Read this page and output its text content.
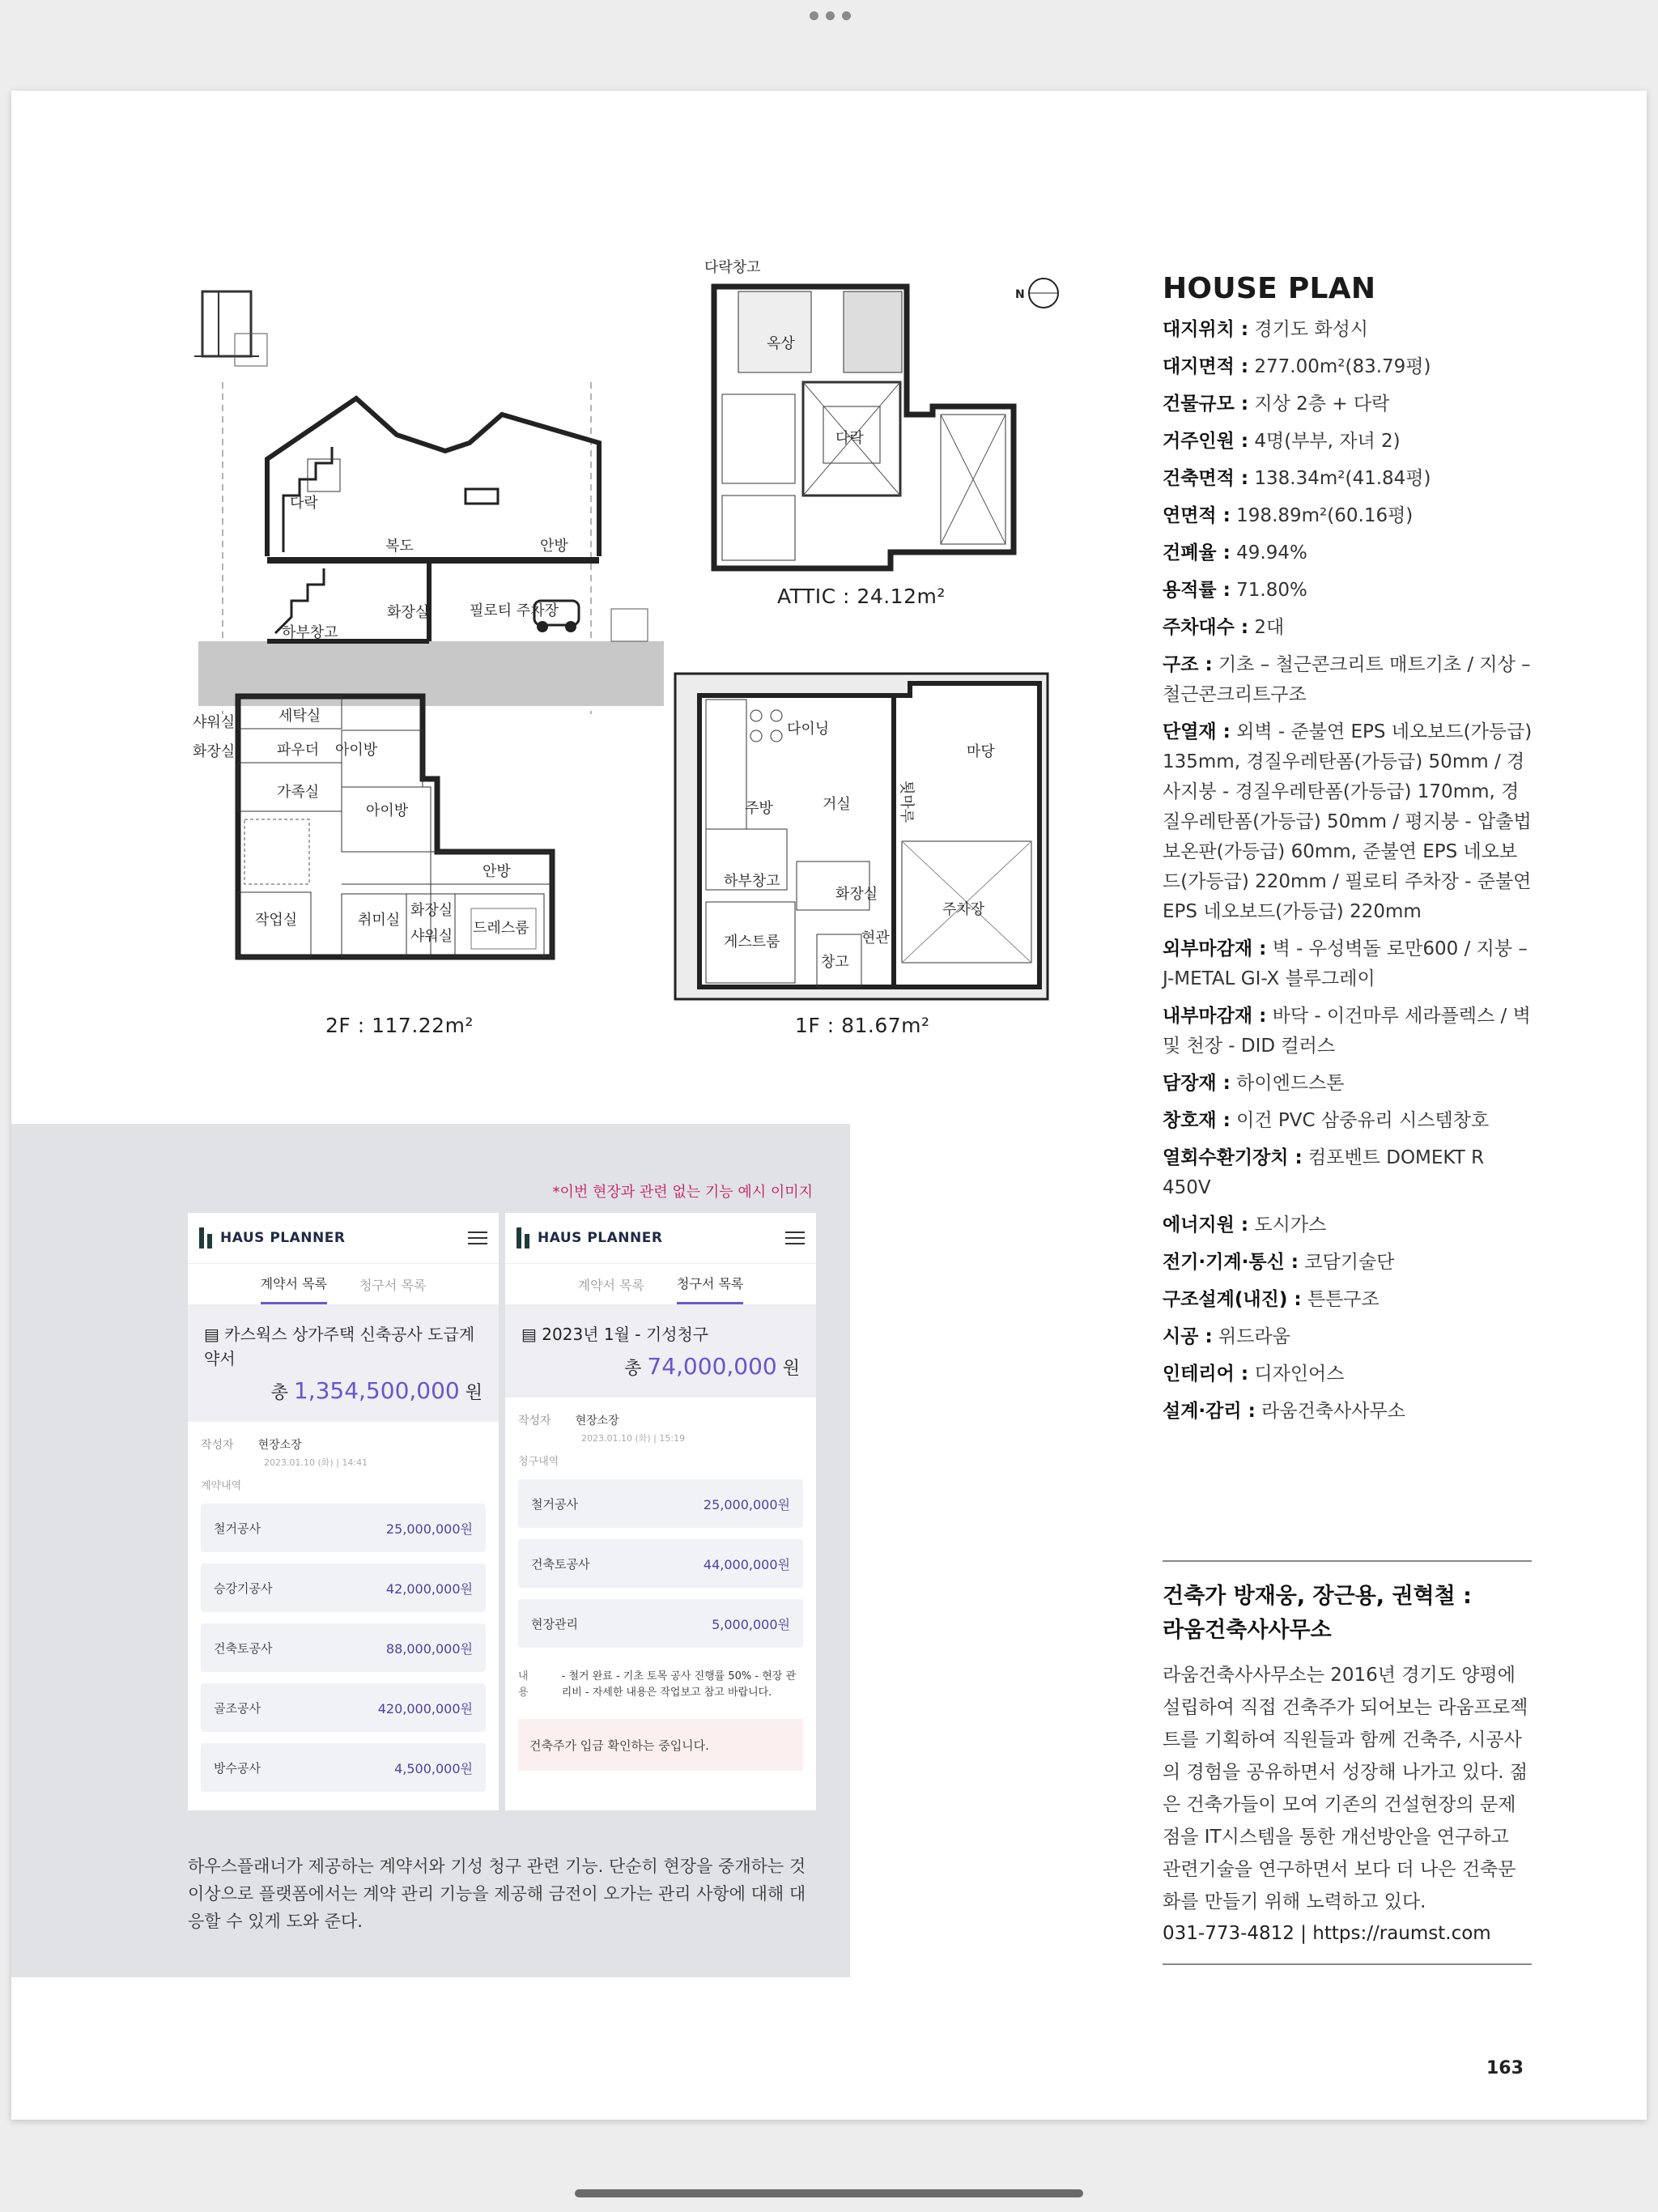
다락
복도	안방
화장실	필로티 주차장
하부창고
다락창고
옥상
다락
N
ATTIC : 24.12m²
샤워실
화장실
세탁실
파우더 아이방
가족실
아이방
안방
작업실	취미실
화장실
샤워실 드레스룸
2F : 117.22m²
다이닝
거실
마당
툇마루
주방
하부창고
화장실
주차장
게스트룸	현관
창고
1F : 81.67m²
HOUSE PLAN
대지위치 : 경기도 화성시
대지면적 : 277.00m²(83.79평)
건물규모 : 지상 2층 + 다락
거주인원 : 4명(부부, 자녀 2)
건축면적 : 138.34m²(41.84평)
연면적 : 198.89m²(60.16평)
건폐율 : 49.94%
용적률 : 71.80%
주차대수 : 2대
구조 : 기초 – 철근콘크리트 매트기초 / 지상 – 철근콘크리트구조
단열재 : 외벽 - 준불연 EPS 네오보드(가등급) 135mm, 경질우레탄폼(가등급) 50mm / 경사지붕 - 경질우레탄폼(가등급) 170mm, 경질우레탄폼(가등급) 50mm / 평지붕 - 압출법보온판(가등급) 60mm, 준불연 EPS 네오보드(가등급) 220mm / 필로티 주차장 - 준불연 EPS 네오보드(가등급) 220mm
외부마감재 : 벽 - 우성벽돌 로만600 / 지붕 – J-METAL GI-X 블루그레이
내부마감재 : 바닥 - 이건마루 세라플렉스 / 벽 및 천장 - DID 컬러스
담장재 : 하이엔드스톤
창호재 : 이건 PVC 삼중유리 시스템창호
열회수환기장치 : 컴포벤트 DOMEKT R 450V
에너지원 : 도시가스
전기·기계·통신 : 코담기술단
구조설계(내진) : 튼튼구조
시공 : 위드라움
인테리어 : 디자인어스
설계·감리 : 라움건축사사무소
건축가 방재웅, 장근용, 권혁철 :
라움건축사사무소

라움건축사사무소는 2016년 경기도 양평에 설립하여 직접 건축주가 되어보는 라움프로젝트를 기획하여 직원들과 함께 건축주, 시공사의 경험을 공유하면서 성장해 나가고 있다. 젊은 건축가들이 모여 기존의 건설현장의 문제점을 IT시스템을 통한 개선방안을 연구하고 관련기술을 연구하면서 보다 더 나은 건축문화를 만들기 위해 노력하고 있다.

031-773-4812 | https://raumst.com
163
*이번 현장과 관련 없는 기능 예시 이미지
HAUS PLANNER
계약서 목록	청구서 목록
▤ 카스웍스 상가주택 신축공사 도급계약서
총 1,354,500,000 원
작성자 현장소장
2023.01.10 (화) | 14:41
계약내역
철거공사	25,000,000원
승강기공사	42,000,000원
건축토공사	88,000,000원
골조공사	420,000,000원
방수공사	4,500,000원
HAUS PLANNER
계약서 목록	청구서 목록
▤ 2023년 1월 - 기성청구
총 74,000,000 원
작성자 현장소장
2023.01.10 (화) | 15:19
청구내역
철거공사	25,000,000원
건축토공사	44,000,000원
현장관리	5,000,000원
내용
- 철거 완료 - 기초 토목 공사 진행률 50% - 현장 관리비 - 자세한 내용은 작업보고 참고 바랍니다.
건축주가 입금 확인하는 중입니다.
하우스플래너가 제공하는 계약서와 기성 청구 관련 기능. 단순히 현장을 중개하는 것 이상으로 플랫폼에서는 계약 관리 기능을 제공해 금전이 오가는 관리 사항에 대해 대응할 수 있게 도와 준다.
